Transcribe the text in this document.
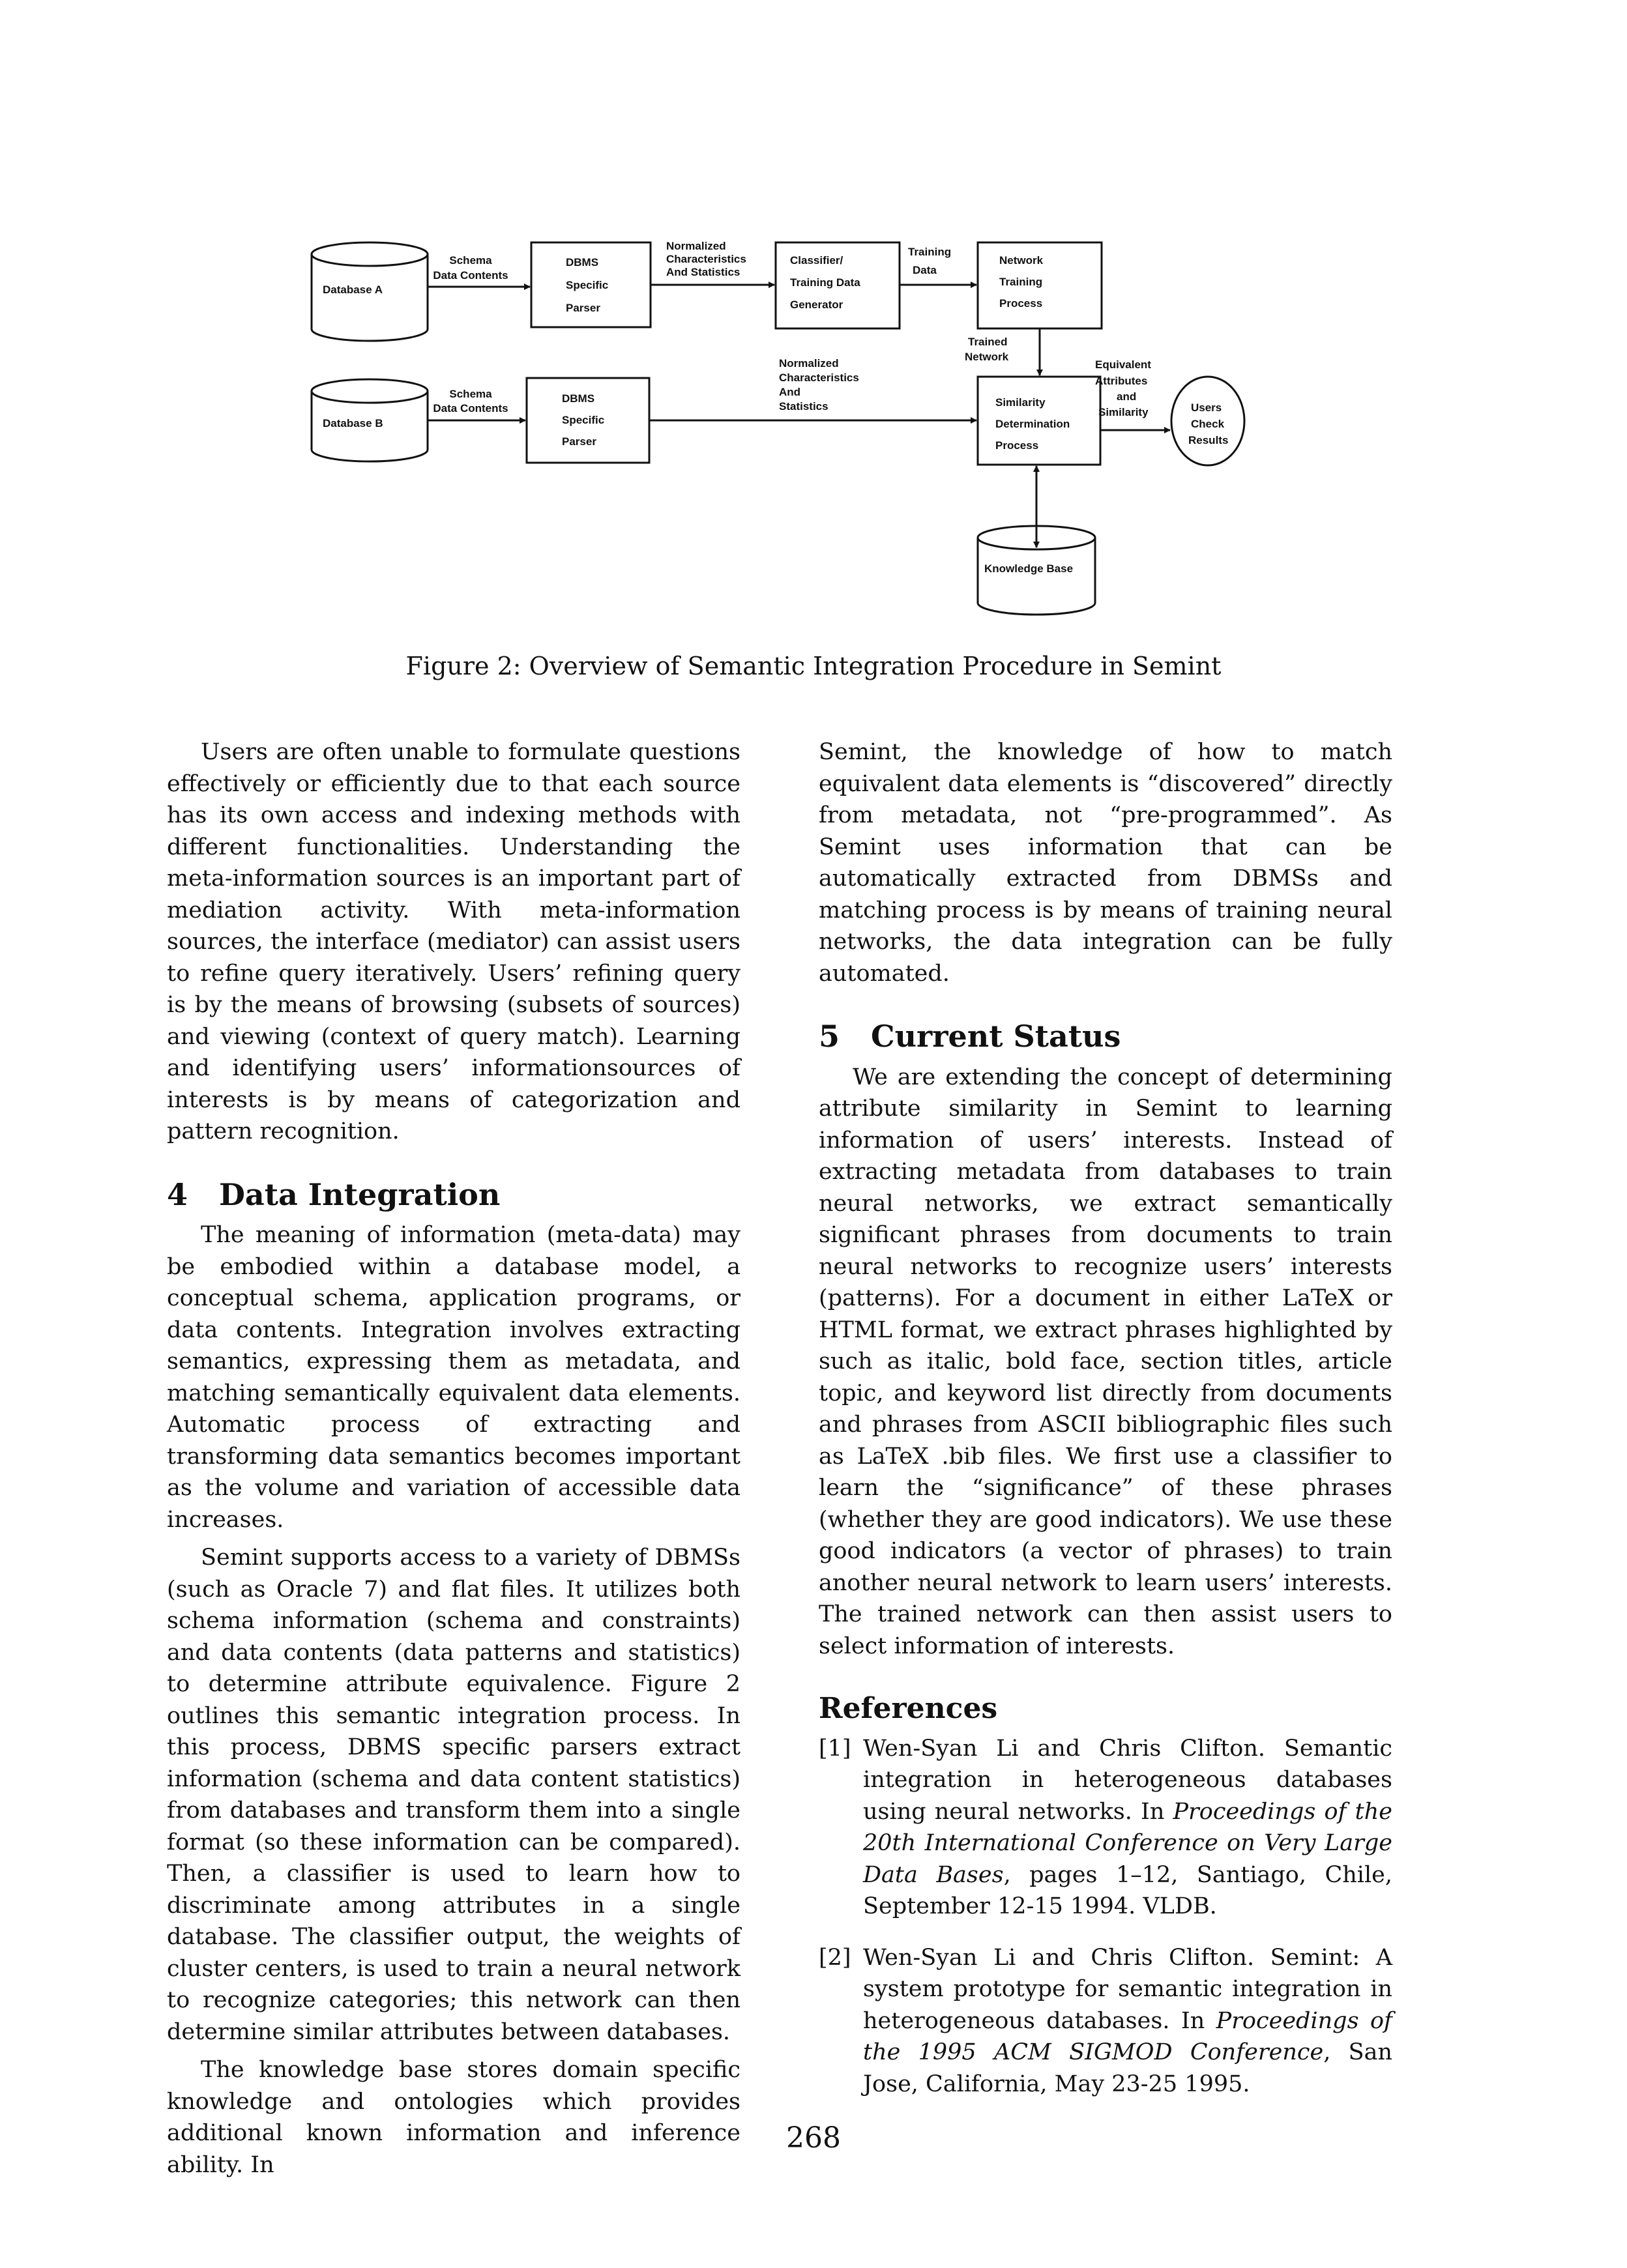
Database A
Database B
Schema
Data Contents
Schema
Data Contents
DBMS
Specific
Parser
DBMS
Specific
Parser
Normalized
Characteristics
And Statistics
Classifier/
Training Data
Generator
Training
Data
Network
Training
Process
Trained
Network
Normalized
Characteristics
And
Statistics	Similarity
Determination
Process
Equivalent
Attributes
and
Similarity	Users
Check
Results
Knowledge Base
Figure 2: Overview of Semantic Integration Procedure in Semint

Users are often unable to formulate questions effectively or efficiently due to that each source has its own access and indexing methods with different functionalities. Understanding the meta-information sources is an important part of mediation activity. With meta-information sources, the interface (mediator) can assist users to refine query iteratively. Users’ refining query is by the means of browsing (subsets of sources) and viewing (context of query match). Learning and identifying users’ informationsources of interests is by means of categorization and pattern recognition.

4 Data Integration

The meaning of information (meta-data) may be embodied within a database model, a conceptual schema, application programs, or data contents. Integration involves extracting semantics, expressing them as metadata, and matching semantically equivalent data elements. Automatic process of extracting and transforming data semantics becomes important as the volume and variation of accessible data increases.

Semint supports access to a variety of DBMSs (such as Oracle 7) and flat files. It utilizes both schema information (schema and constraints) and data contents (data patterns and statistics) to determine attribute equivalence. Figure 2 outlines this semantic integration process. In this process, DBMS specific parsers extract information (schema and data content statistics) from databases and transform them into a single format (so these information can be compared). Then, a classifier is used to learn how to discriminate among attributes in a single database. The classifier output, the weights of cluster centers, is used to train a neural network to recognize categories; this network can then determine similar attributes between databases.

The knowledge base stores domain specific knowledge and ontologies which provides additional known information and inference ability. In

Semint, the knowledge of how to match equivalent data elements is “discovered” directly from metadata, not “pre-programmed”. As Semint uses information that can be automatically extracted from DBMSs and matching process is by means of training neural networks, the data integration can be fully automated.

5 Current Status

We are extending the concept of determining attribute similarity in Semint to learning information of users’ interests. Instead of extracting metadata from databases to train neural networks, we extract semantically significant phrases from documents to train neural networks to recognize users’ interests (patterns). For a document in either LaTeX or HTML format, we extract phrases highlighted by such as italic, bold face, section titles, article topic, and keyword list directly from documents and phrases from ASCII bibliographic files such as LaTeX .bib files. We first use a classifier to learn the “significance” of these phrases (whether they are good indicators). We use these good indicators (a vector of phrases) to train another neural network to learn users’ interests. The trained network can then assist users to select information of interests.

References
[1] Wen-Syan Li and Chris Clifton. Semantic integration in heterogeneous databases using neural networks. In Proceedings of the 20th International Conference on Very Large Data Bases, pages 1–12, Santiago, Chile, September 12-15 1994. VLDB.
[2] Wen-Syan Li and Chris Clifton. Semint: A system prototype for semantic integration in heterogeneous databases. In Proceedings of the 1995 ACM SIGMOD Conference, San Jose, California, May 23-25 1995.
268
